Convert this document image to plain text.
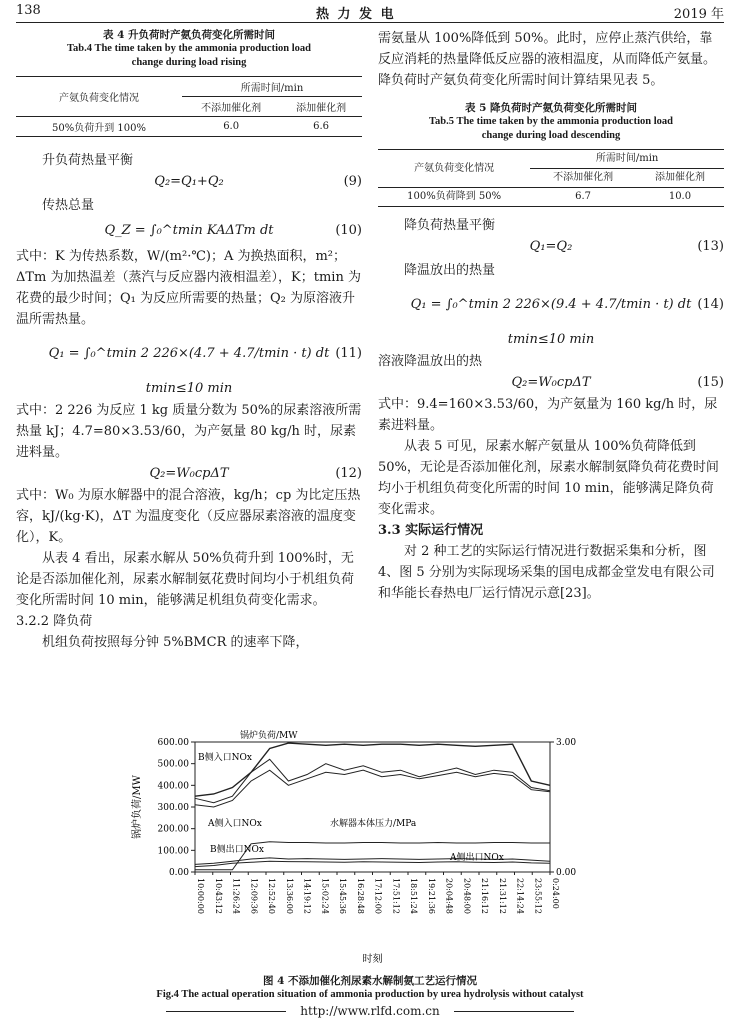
138	热 力 发 电	2019 年
表 4 升负荷时产氨负荷变化所需时间
Tab.4 The time taken by the ammonia production load
change during load rising
产氨负荷变化情况	所需时间/min	
	不添加催化剂	添加催化剂
50%负荷升到 100%	6.0	6.6
升负荷热量平衡
Q₂=Q₁+Q₂	(9)
传热总量
Q_Z = ∫₀^tmin KAΔTm dt	(10)
式中：K 为传热系数，W/(m²·℃)；A 为换热面积，m²；ΔTm 为加热温差（蒸汽与反应器内液相温差），K；tmin 为花费的最少时间；Q₁ 为反应所需要的热量；Q₂ 为原溶液升温所需热量。
Q₁ = ∫₀^tmin 2 226×(4.7 + 4.7/tmin · t) dt (11)
tmin≤10 min
式中：2 226 为反应 1 kg 质量分数为 50%的尿素溶液所需热量 kJ；4.7=80×3.53/60，为产氨量 80 kg/h 时，尿素进料量。
Q₂=W₀cpΔT	(12)
式中：W₀ 为原水解器中的混合溶液，kg/h；cp 为比定压热容，kJ/(kg·K)，ΔT 为温度变化（反应器尿素溶液的温度变化），K。
从表 4 看出，尿素水解从 50%负荷升到 100%时，无论是否添加催化剂，尿素水解制氨花费时间均小于机组负荷变化所需时间 10 min，能够满足机组负荷变化需求。
3.2.2 降负荷
机组负荷按照每分钟 5%BMCR 的速率下降，
需氨量从 100%降低到 50%。此时，应停止蒸汽供给，靠反应消耗的热量降低反应器的液相温度，从而降低产氨量。降负荷时产氨负荷变化所需时间计算结果见表 5。
表 5 降负荷时产氨负荷变化所需时间
Tab.5 The time taken by the ammonia production load
change during load descending
产氨负荷变化情况	所需时间/min	
	不添加催化剂	添加催化剂
100%负荷降到 50%	6.7	10.0
降负荷热量平衡
Q₁=Q₂	(13)
降温放出的热量
Q₁ = ∫₀^tmin 2 226×(9.4 + 4.7/tmin · t) dt (14)
tmin≤10 min
溶液降温放出的热
Q₂=W₀cpΔT	(15)
式中：9.4=160×3.53/60，为产氨量为 160 kg/h 时，尿素进料量。
从表 5 可见，尿素水解产氨量从 100%负荷降低到 50%，无论是否添加催化剂，尿素水解制氨降负荷花费时间均小于机组负荷变化所需的时间 10 min，能够满足降负荷变化需求。
3.3 实际运行情况
对 2 种工艺的实际运行情况进行数据采集和分析，图 4、图 5 分别为实际现场采集的国电成都金堂发电有限公司和华能长春热电厂运行情况示意[23]。
0.00
100.00
200.00
300.00
400.00
500.00
600.00
0.00
3.00
10:00:00 10:43:12 11:26:24 12:09:36 12:52:40 13:36:00 14:19:12 15:02:24 15:45:36 16:28:48 17:12:00 17:51:12 18:51:24 19:21:36 20:04:48 20:48:00 21:16:12 21:31:12 22:14:24 23:55:12 0:24:00
锅炉负荷/MW
B侧入口NOx
A侧入口NOx	水解器本体压力/MPa
B侧出口NOx
A侧出口NOx
锅炉负荷/MW
时刻
图 4 不添加催化剂尿素水解制氨工艺运行情况
Fig.4 The actual operation situation of ammonia production by urea hydrolysis without catalyst
http://www.rlfd.com.cn
